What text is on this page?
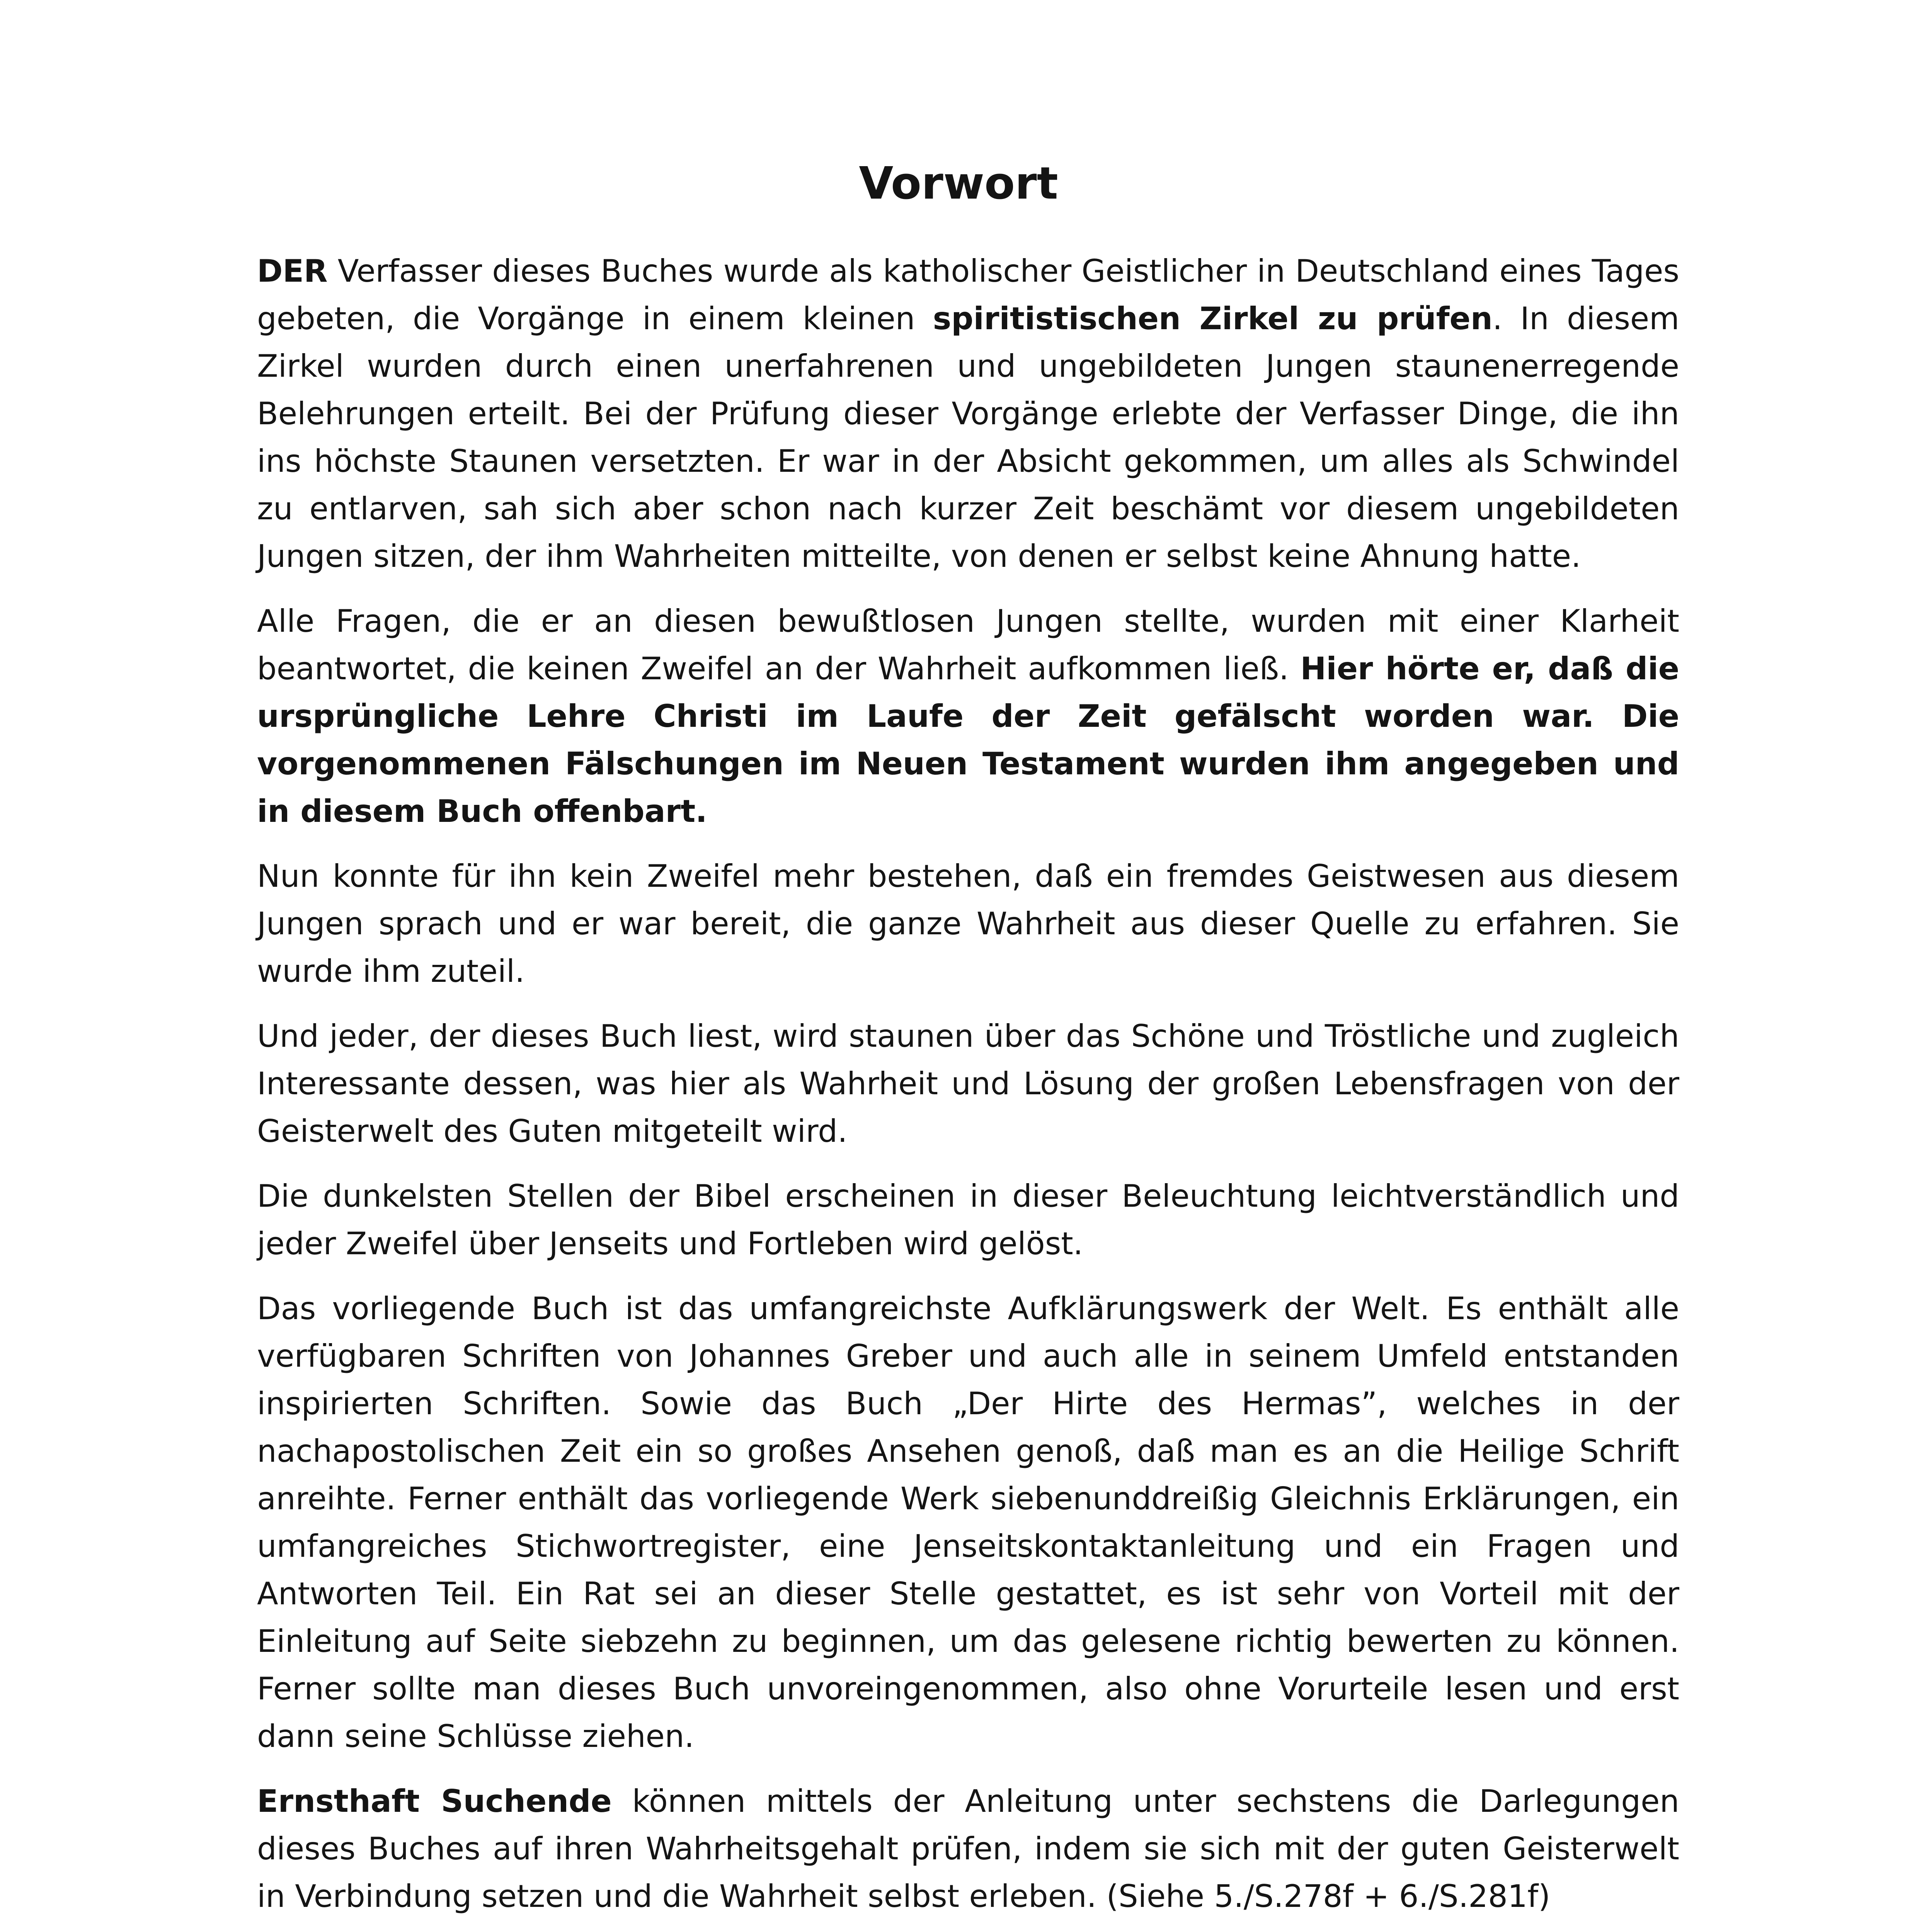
Vorwort

DER Verfasser dieses Buches wurde als katholischer Geistlicher in Deutschland eines Tages gebeten, die Vorgänge in einem kleinen spiritistischen Zirkel zu prüfen. In diesem Zirkel wurden durch einen unerfahrenen und ungebildeten Jungen staunenerregende Belehrungen erteilt. Bei der Prüfung dieser Vorgänge erlebte der Verfasser Dinge, die ihn ins höchste Staunen versetzten. Er war in der Absicht gekommen, um alles als Schwindel zu entlarven, sah sich aber schon nach kurzer Zeit beschämt vor diesem ungebildeten Jungen sitzen, der ihm Wahrheiten mitteilte, von denen er selbst keine Ahnung hatte.

Alle Fragen, die er an diesen bewußtlosen Jungen stellte, wurden mit einer Klarheit beantwortet, die keinen Zweifel an der Wahrheit aufkommen ließ. Hier hörte er, daß die ursprüngliche Lehre Christi im Laufe der Zeit gefälscht worden war. Die vorgenommenen Fälschungen im Neuen Testament wurden ihm angegeben und in diesem Buch offenbart.

Nun konnte für ihn kein Zweifel mehr bestehen, daß ein fremdes Geistwesen aus diesem Jungen sprach und er war bereit, die ganze Wahrheit aus dieser Quelle zu erfahren. Sie wurde ihm zuteil.

Und jeder, der dieses Buch liest, wird staunen über das Schöne und Tröstliche und zugleich Interessante dessen, was hier als Wahrheit und Lösung der großen Lebensfragen von der Geisterwelt des Guten mitgeteilt wird.

Die dunkelsten Stellen der Bibel erscheinen in dieser Beleuchtung leichtverständlich und jeder Zweifel über Jenseits und Fortleben wird gelöst.

Das vorliegende Buch ist das umfangreichste Aufklärungswerk der Welt. Es enthält alle verfügbaren Schriften von Johannes Greber und auch alle in seinem Umfeld entstanden inspirierten Schriften. Sowie das Buch „Der Hirte des Hermas”, welches in der nachapostolischen Zeit ein so großes Ansehen genoß, daß man es an die Heilige Schrift anreihte. Ferner enthält das vorliegende Werk siebenunddreißig Gleichnis Erklärungen, ein umfangreiches Stichwortregister, eine Jenseitskontaktanleitung und ein Fragen und Antworten Teil. Ein Rat sei an dieser Stelle gestattet, es ist sehr von Vorteil mit der Einleitung auf Seite siebzehn zu beginnen, um das gelesene richtig bewerten zu können. Ferner sollte man dieses Buch unvoreingenommen, also ohne Vorurteile lesen und erst dann seine Schlüsse ziehen.

Ernsthaft Suchende können mittels der Anleitung unter sechstens die Darlegungen dieses Buches auf ihren Wahrheitsgehalt prüfen, indem sie sich mit der guten Geisterwelt in Verbindung setzen und die Wahrheit selbst erleben. (Siehe 5./S.278f + 6./S.281f)
